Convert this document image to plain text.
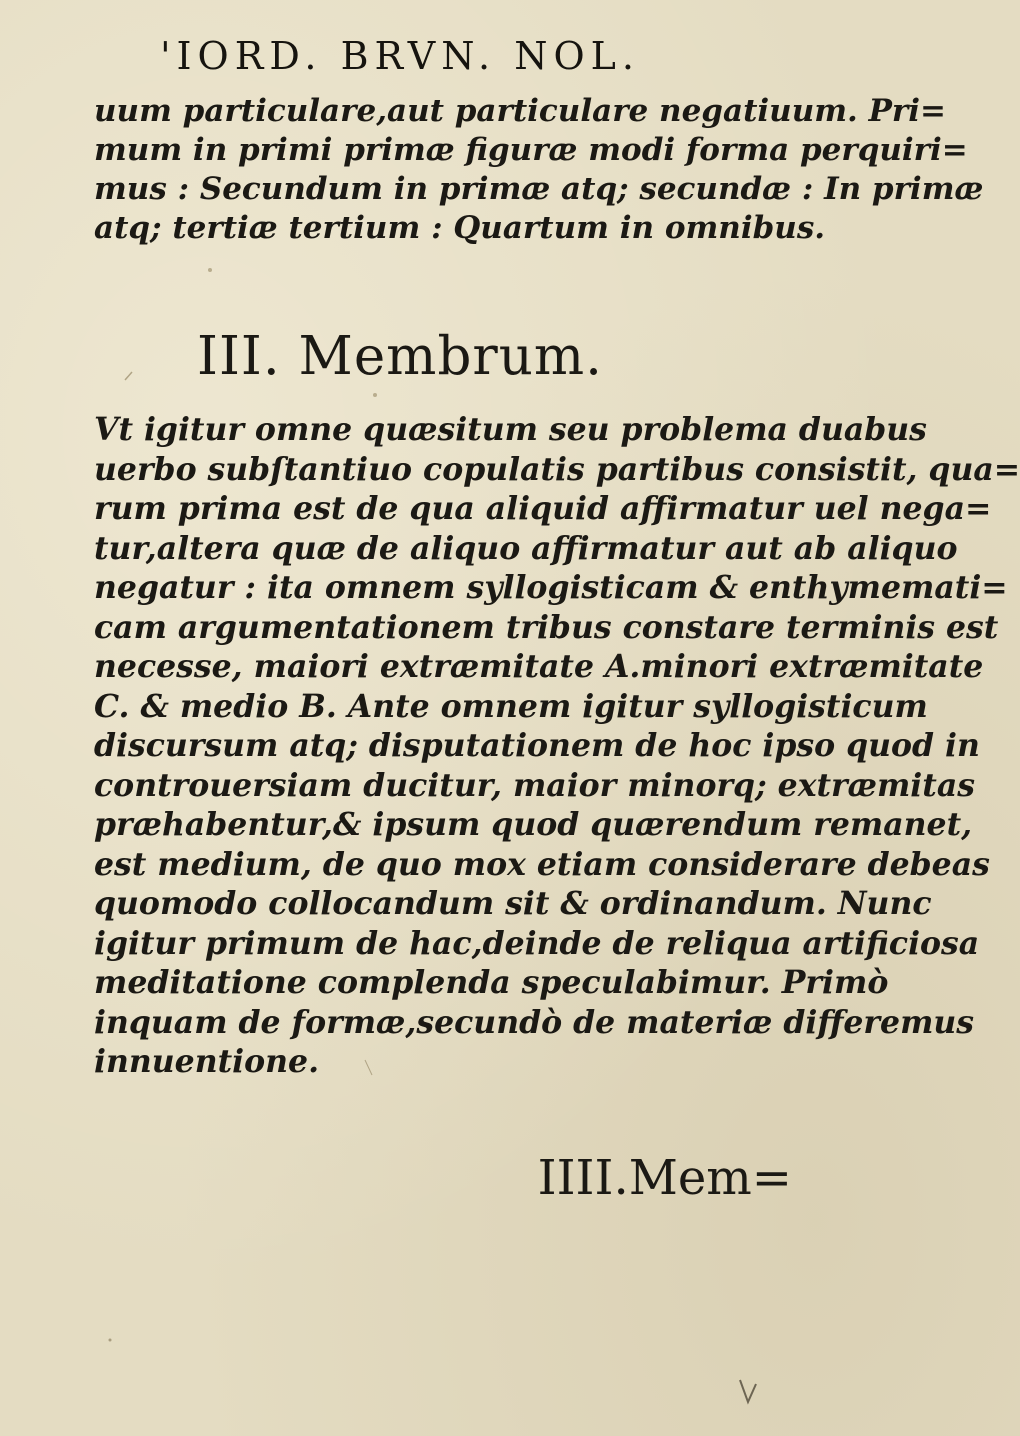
'IORD. BRVN. NOL.
uum particulare,aut particulare negatiuum. Pri=
mum in primi primæ figuræ modi forma perquiri=
mus : Secundum in primæ atq; secundæ : In primæ
atq; tertiæ tertium : Quartum in omnibus.
III. Membrum.
Vt igitur omne quæsitum seu problema duabus
uerbo subſtantiuo copulatis partibus consistit, qua=
rum prima est de qua aliquid affirmatur uel nega=
tur,altera quæ de aliquo affirmatur aut ab aliquo
negatur : ita omnem syllogisticam & enthymemati=
cam argumentationem tribus constare terminis est
necesse, maiori extræmitate A.minori extræmitate
C. & medio B. Ante omnem igitur syllogisticum
discursum atq; disputationem de hoc ipso quod in
controuersiam ducitur, maior minorq; extræmitas
præhabentur,& ipsum quod quærendum remanet,
est medium, de quo mox etiam considerare debeas
quomodo collocandum sit & ordinandum. Nunc
igitur primum de hac,deinde de reliqua artificiosa
meditatione complenda speculabimur. Primò
inquam de formæ,secundò de materiæ differemus
innuentione.
IIII.Mem=
